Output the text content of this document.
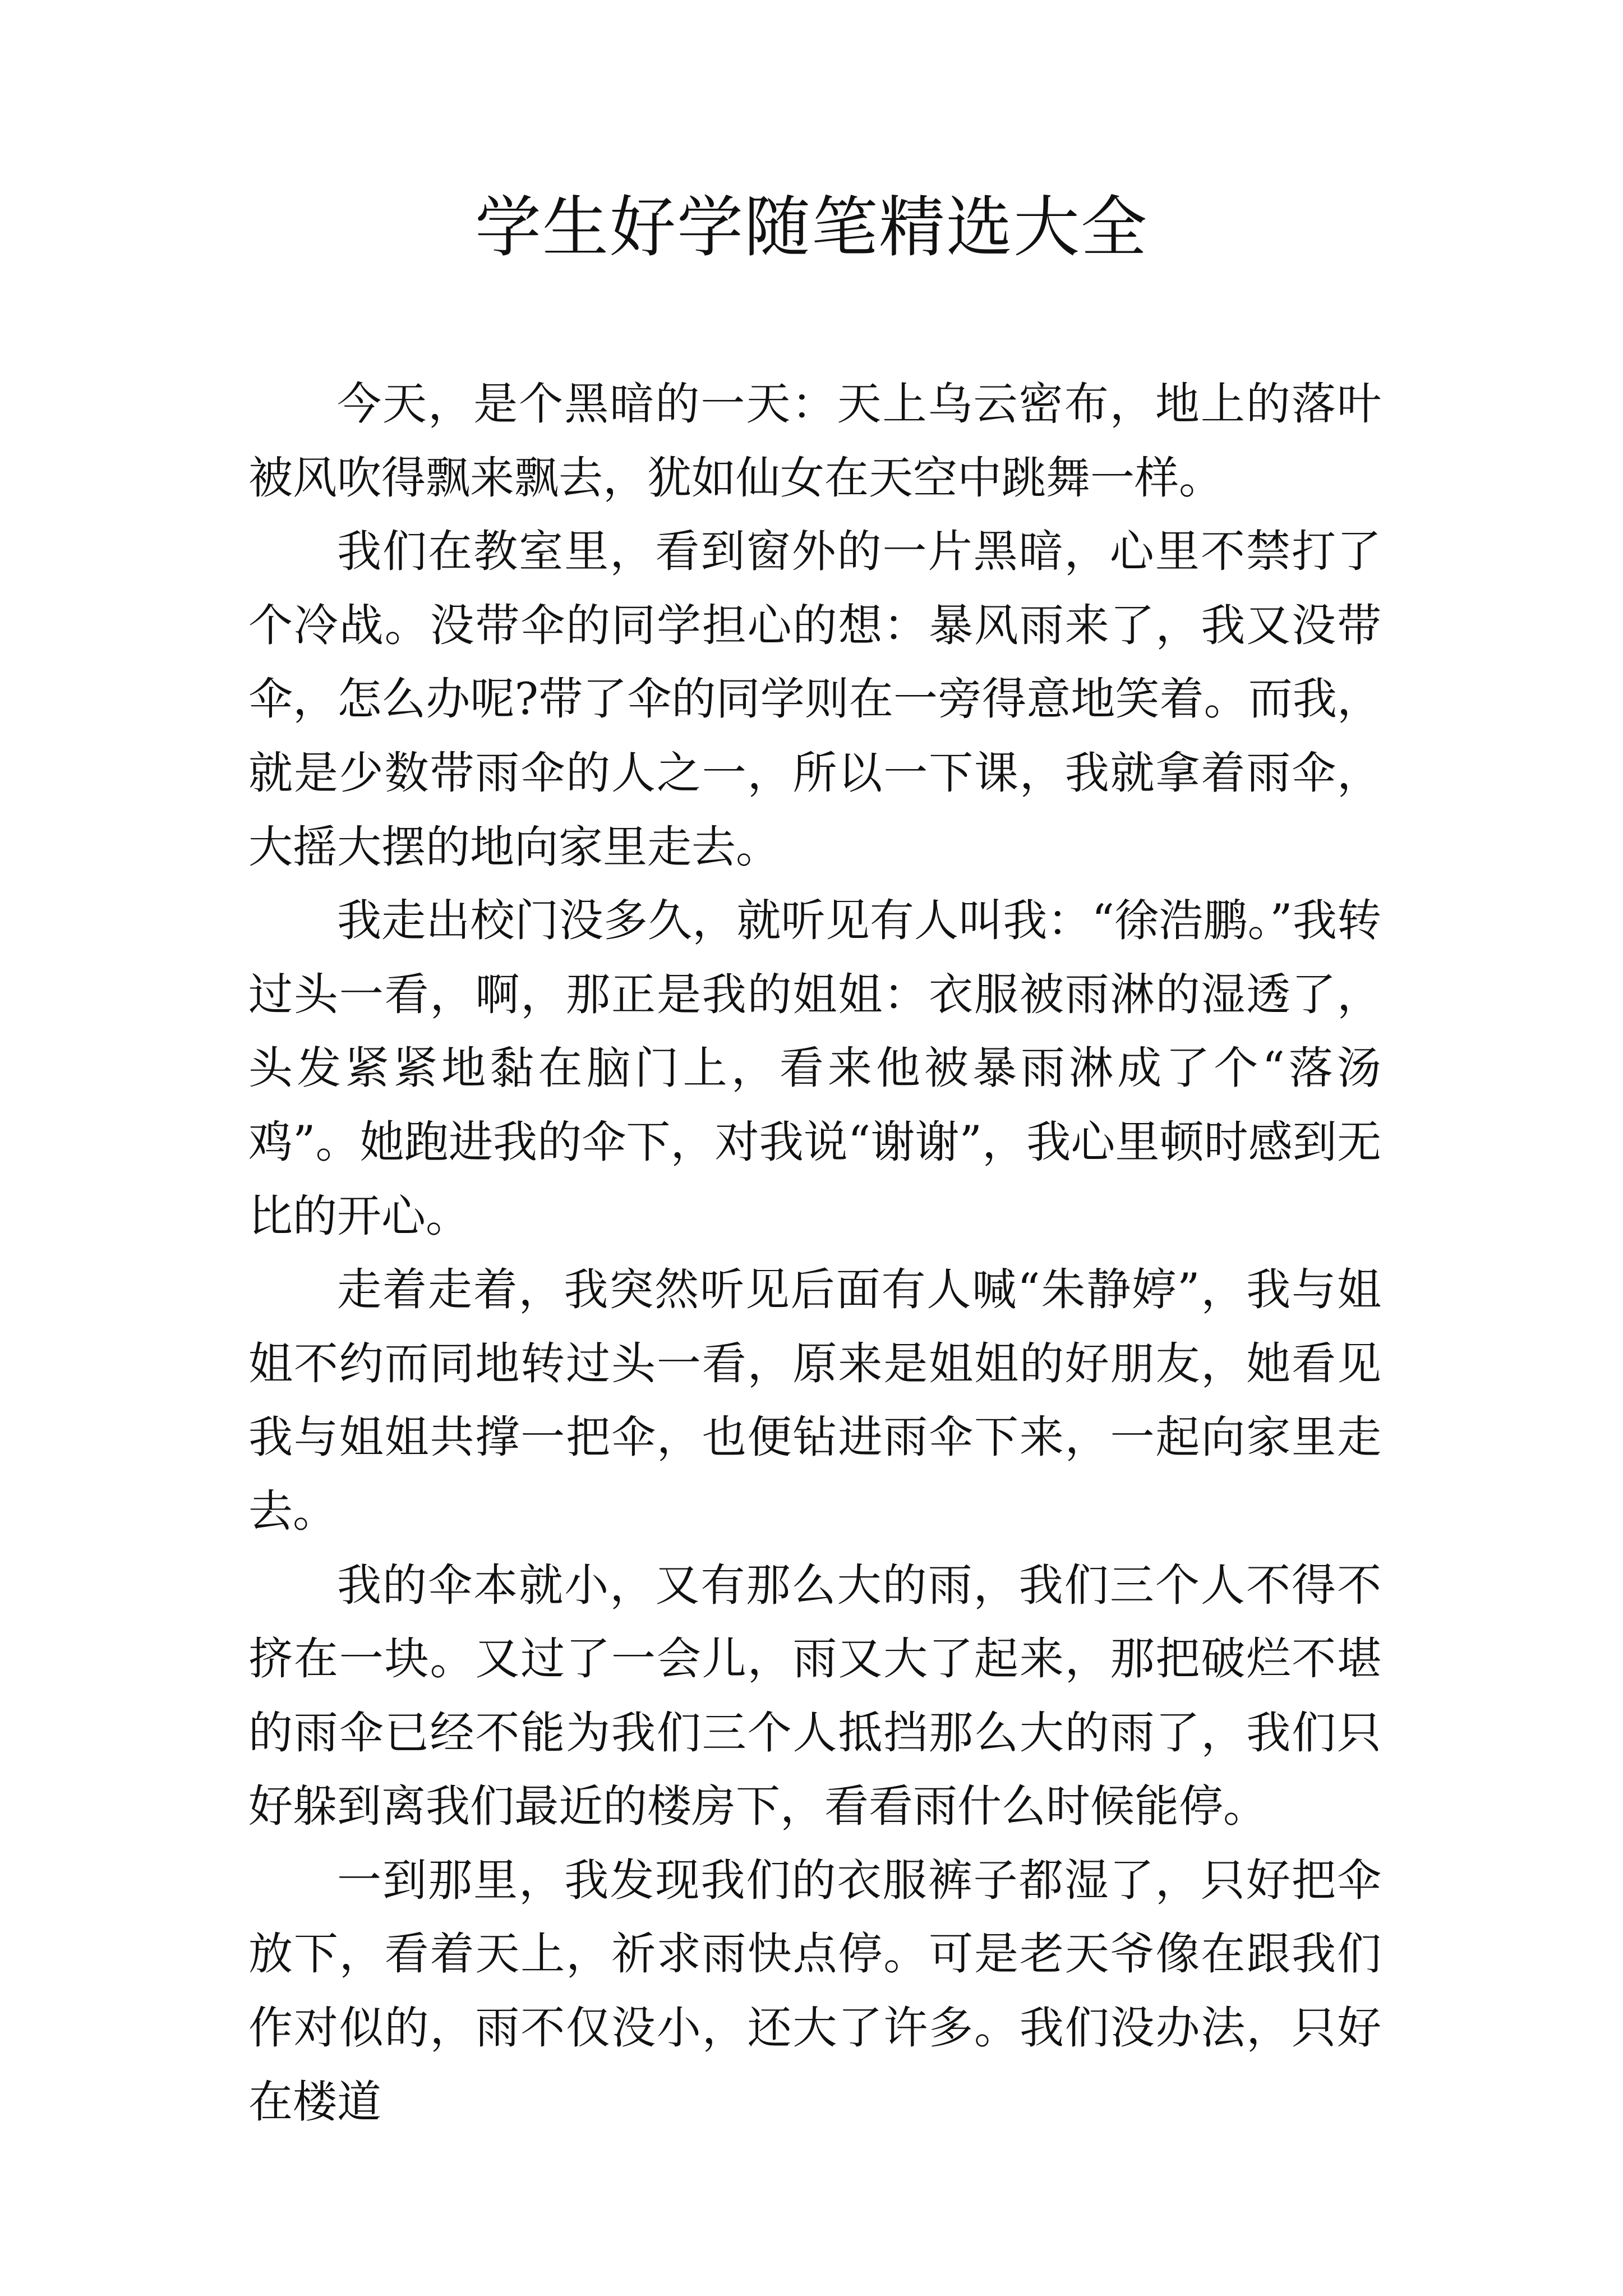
学生好学随笔精选大全

今天，是个黑暗的一天：天上乌云密布，地上的落叶被风吹得飘来飘去，犹如仙女在天空中跳舞一样。

我们在教室里，看到窗外的一片黑暗，心里不禁打了个冷战。没带伞的同学担心的想：暴风雨来了，我又没带伞，怎么办呢?带了伞的同学则在一旁得意地笑着。而我，就是少数带雨伞的人之一，所以一下课，我就拿着雨伞，大摇大摆的地向家里走去。

我走出校门没多久，就听见有人叫我：“徐浩鹏。”我转过头一看，啊，那正是我的姐姐：衣服被雨淋的湿透了，头发紧紧地黏在脑门上，看来他被暴雨淋成了个“落汤鸡”。她跑进我的伞下，对我说“谢谢”，我心里顿时感到无比的开心。

走着走着，我突然听见后面有人喊“朱静婷”，我与姐姐不约而同地转过头一看，原来是姐姐的好朋友，她看见我与姐姐共撑一把伞，也便钻进雨伞下来，一起向家里走去。

我的伞本就小，又有那么大的雨，我们三个人不得不挤在一块。又过了一会儿，雨又大了起来，那把破烂不堪的雨伞已经不能为我们三个人抵挡那么大的雨了，我们只好躲到离我们最近的楼房下，看看雨什么时候能停。

一到那里，我发现我们的衣服裤子都湿了，只好把伞放下，看着天上，祈求雨快点停。可是老天爷像在跟我们作对似的，雨不仅没小，还大了许多。我们没办法，只好在楼道
